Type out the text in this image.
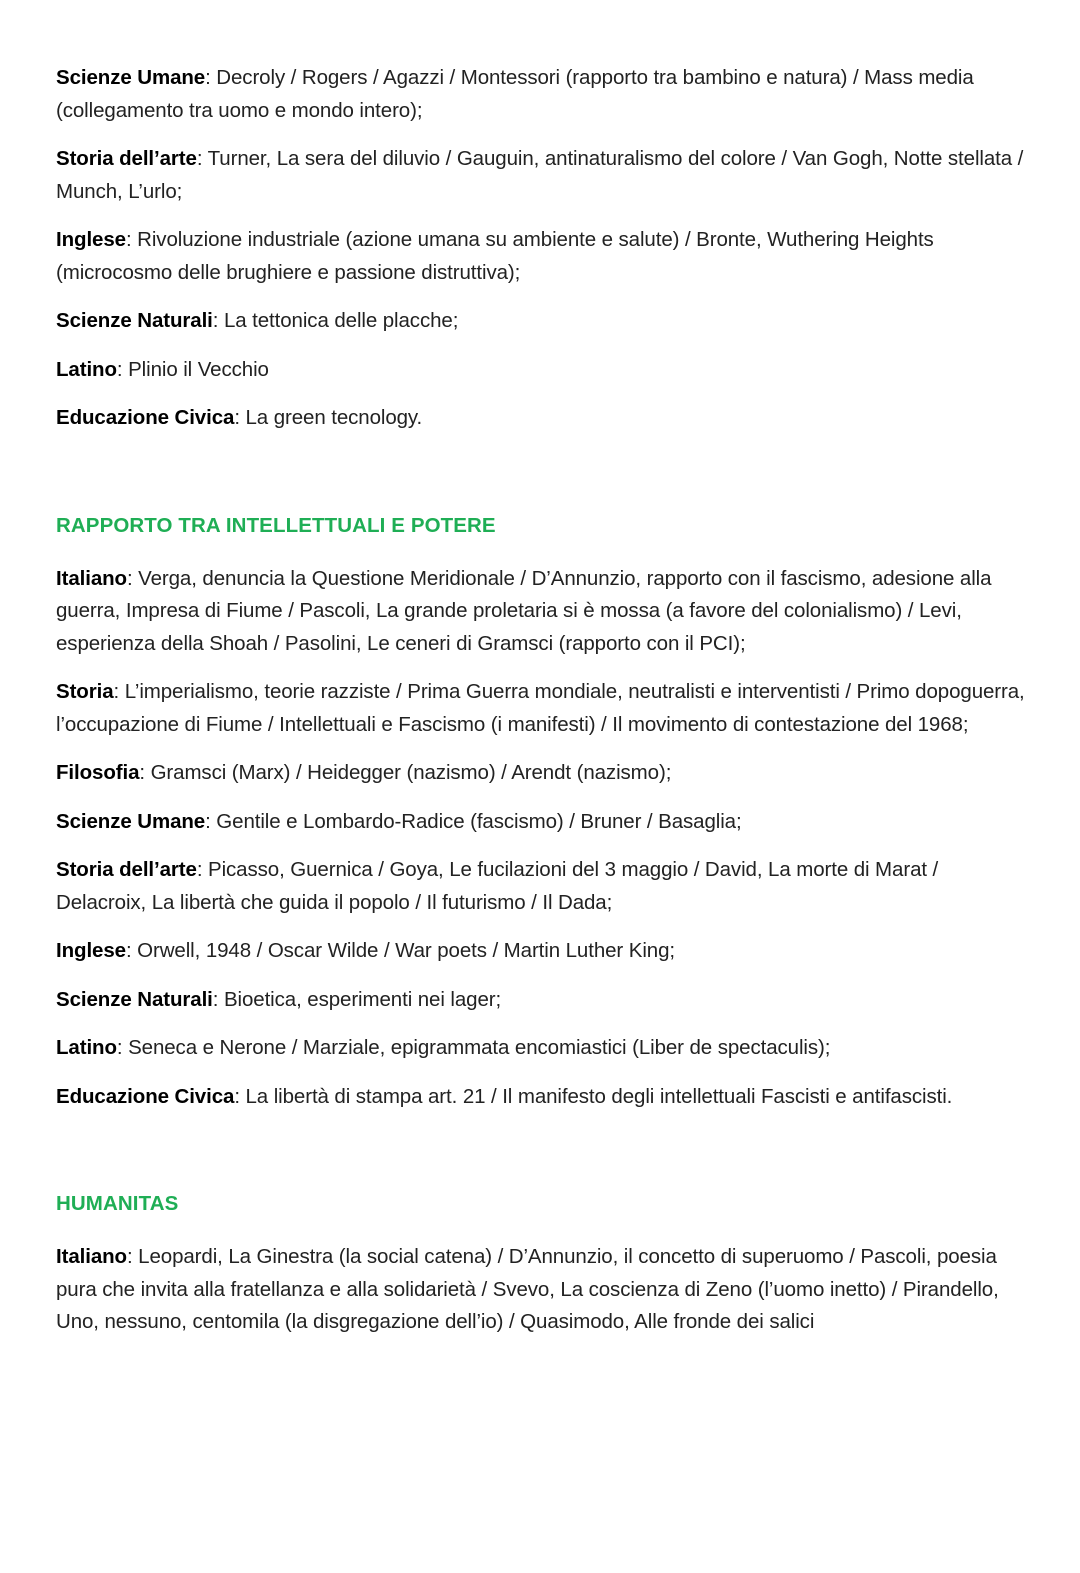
Scienze Umane: Decroly / Rogers / Agazzi / Montessori (rapporto tra bambino e natura) / Mass media (collegamento tra uomo e mondo intero);

Storia dell’arte: Turner, La sera del diluvio / Gauguin, antinaturalismo del colore / Van Gogh, Notte stellata / Munch, L’urlo;

Inglese: Rivoluzione industriale (azione umana su ambiente e salute) / Bronte, Wuthering Heights (microcosmo delle brughiere e passione distruttiva);

Scienze Naturali: La tettonica delle placche;

Latino: Plinio il Vecchio

Educazione Civica: La green tecnology.

RAPPORTO TRA INTELLETTUALI E POTERE

Italiano: Verga, denuncia la Questione Meridionale / D’Annunzio, rapporto con il fascismo, adesione alla guerra, Impresa di Fiume / Pascoli, La grande proletaria si è mossa (a favore del colonialismo) / Levi, esperienza della Shoah / Pasolini, Le ceneri di Gramsci (rapporto con il PCI);

Storia: L’imperialismo, teorie razziste / Prima Guerra mondiale, neutralisti e interventisti / Primo dopoguerra, l’occupazione di Fiume / Intellettuali e Fascismo (i manifesti) / Il movimento di contestazione del 1968;

Filosofia: Gramsci (Marx) / Heidegger (nazismo) / Arendt (nazismo);

Scienze Umane: Gentile e Lombardo-Radice (fascismo) / Bruner / Basaglia;

Storia dell’arte: Picasso, Guernica / Goya, Le fucilazioni del 3 maggio / David, La morte di Marat / Delacroix, La libertà che guida il popolo / Il futurismo / Il Dada;

Inglese: Orwell, 1948 / Oscar Wilde / War poets / Martin Luther King;

Scienze Naturali: Bioetica, esperimenti nei lager;

Latino: Seneca e Nerone / Marziale, epigrammata encomiastici (Liber de spectaculis);

Educazione Civica: La libertà di stampa art. 21 / Il manifesto degli intellettuali Fascisti e antifascisti.

HUMANITAS

Italiano: Leopardi, La Ginestra (la social catena) / D’Annunzio, il concetto di superuomo / Pascoli, poesia pura che invita alla fratellanza e alla solidarietà / Svevo, La coscienza di Zeno (l’uomo inetto) / Pirandello, Uno, nessuno, centomila (la disgregazione dell’io) / Quasimodo, Alle fronde dei salici
